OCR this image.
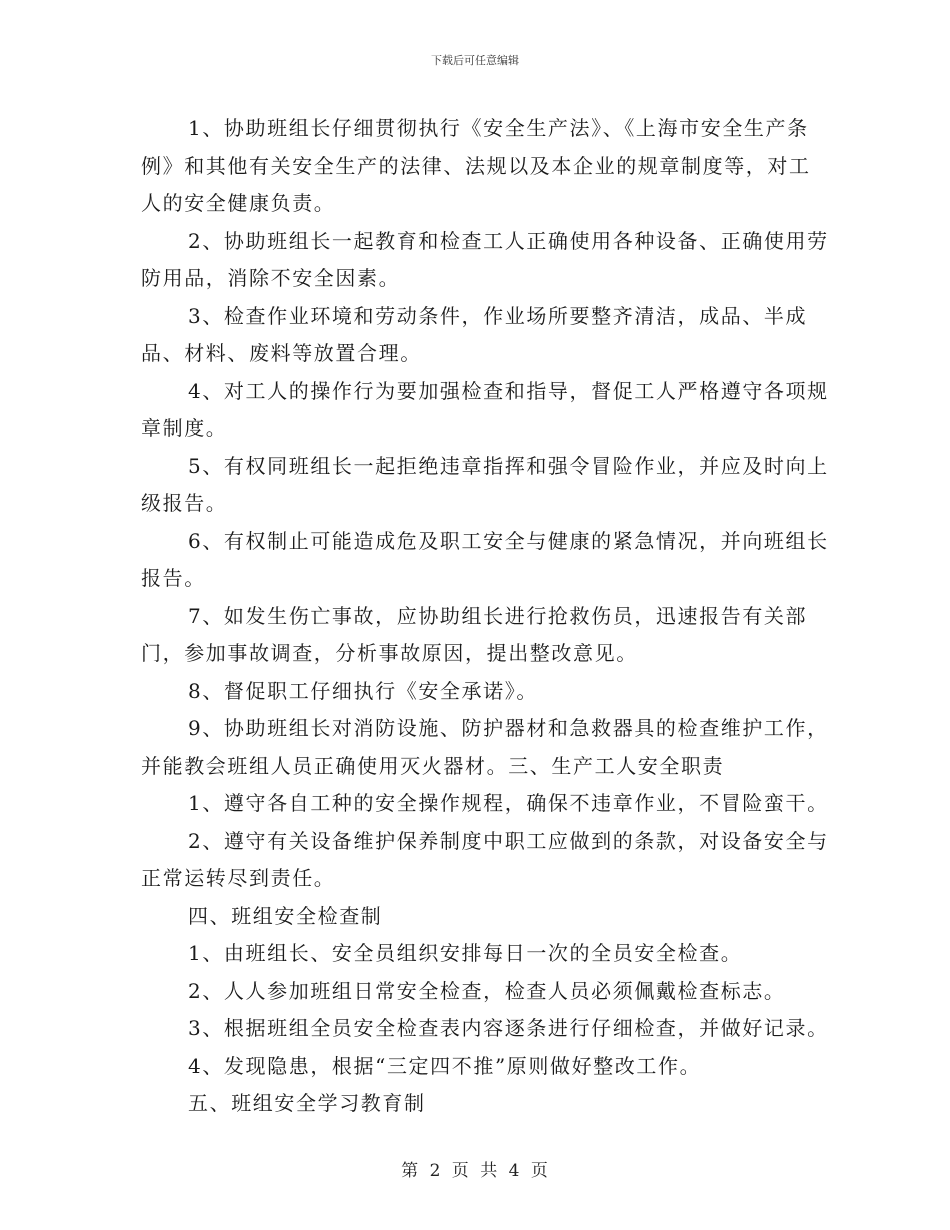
下载后可任意编辑

1、协助班组长仔细贯彻执行《安全生产法》、《上海市安全生产条例》和其他有关安全生产的法律、法规以及本企业的规章制度等，对工人的安全健康负责。

2、协助班组长一起教育和检查工人正确使用各种设备、正确使用劳防用品，消除不安全因素。

3、检查作业环境和劳动条件，作业场所要整齐清洁，成品、半成品、材料、废料等放置合理。

4、对工人的操作行为要加强检查和指导，督促工人严格遵守各项规章制度。

5、有权同班组长一起拒绝违章指挥和强令冒险作业，并应及时向上级报告。

6、有权制止可能造成危及职工安全与健康的紧急情况，并向班组长报告。

7、如发生伤亡事故，应协助组长进行抢救伤员，迅速报告有关部门，参加事故调查，分析事故原因，提出整改意见。

8、督促职工仔细执行《安全承诺》。

9、协助班组长对消防设施、防护器材和急救器具的检查维护工作，并能教会班组人员正确使用灭火器材。三、生产工人安全职责

1、遵守各自工种的安全操作规程，确保不违章作业，不冒险蛮干。

2、遵守有关设备维护保养制度中职工应做到的条款，对设备安全与正常运转尽到责任。

四、班组安全检查制

1、由班组长、安全员组织安排每日一次的全员安全检查。

2、人人参加班组日常安全检查，检查人员必须佩戴检查标志。

3、根据班组全员安全检查表内容逐条进行仔细检查，并做好记录。

4、发现隐患，根据“三定四不推”原则做好整改工作。

五、班组安全学习教育制

第 2 页 共 4 页
